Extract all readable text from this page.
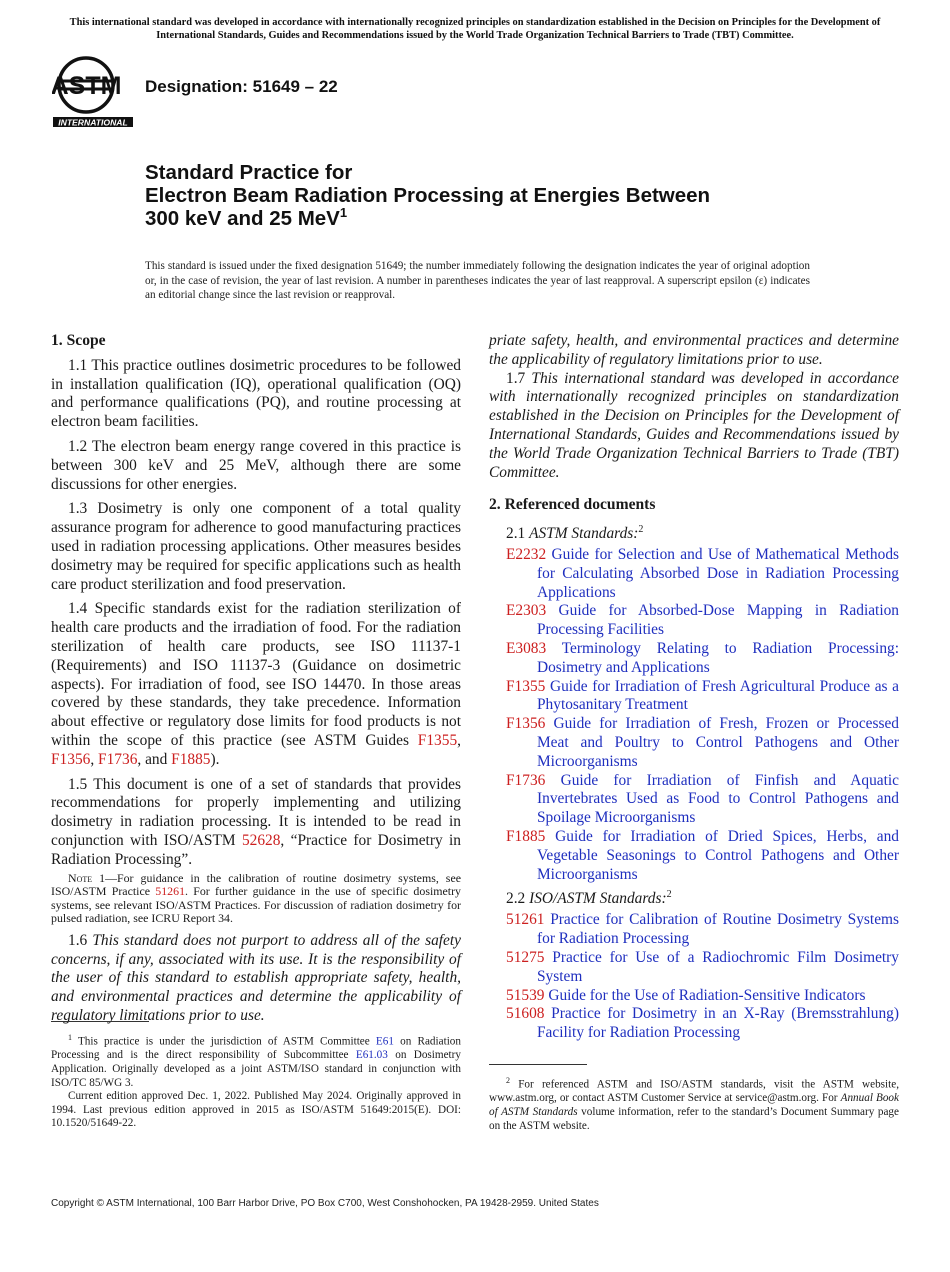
This international standard was developed in accordance with internationally recognized principles on standardization established in the Decision on Principles for the Development of International Standards, Guides and Recommendations issued by the World Trade Organization Technical Barriers to Trade (TBT) Committee.
ASTM
INTERNATIONAL
Designation: 51649 – 22
Standard Practice for
Electron Beam Radiation Processing at Energies Between
300 keV and 25 MeV$^1$
This standard is issued under the fixed designation 51649; the number immediately following the designation indicates the year of original adoption or, in the case of revision, the year of last revision. A number in parentheses indicates the year of last reapproval. A superscript epsilon (ε) indicates an editorial change since the last revision or reapproval.
1. Scope

1.1 This practice outlines dosimetric procedures to be followed in installation qualification (IQ), operational qualification (OQ) and performance qualifications (PQ), and routine processing at electron beam facilities.

1.2 The electron beam energy range covered in this practice is between 300 keV and 25 MeV, although there are some discussions for other energies.

1.3 Dosimetry is only one component of a total quality assurance program for adherence to good manufacturing practices used in radiation processing applications. Other measures besides dosimetry may be required for specific applications such as health care product sterilization and food preservation.

1.4 Specific standards exist for the radiation sterilization of health care products and the irradiation of food. For the radiation sterilization of health care products, see ISO 11137-1 (Requirements) and ISO 11137-3 (Guidance on dosimetric aspects). For irradiation of food, see ISO 14470. In those areas covered by these standards, they take precedence. Information about effective or regulatory dose limits for food products is not within the scope of this practice (see ASTM Guides F1355, F1356, F1736, and F1885).

1.5 This document is one of a set of standards that provides recommendations for properly implementing and utilizing dosimetry in radiation processing. It is intended to be read in conjunction with ISO/ASTM 52628, “Practice for Dosimetry in Radiation Processing”.

Note 1—For guidance in the calibration of routine dosimetry systems, see ISO/ASTM Practice 51261. For further guidance in the use of specific dosimetry systems, see relevant ISO/ASTM Practices. For discussion of radiation dosimetry for pulsed radiation, see ICRU Report 34.

1.6 This standard does not purport to address all of the safety concerns, if any, associated with its use. It is the responsibility of the user of this standard to establish appropriate safety, health, and environmental practices and determine the applicability of regulatory limitations prior to use.

priate safety, health, and environmental practices and determine the applicability of regulatory limitations prior to use.

1.7 This international standard was developed in accordance with internationally recognized principles on standardization established in the Decision on Principles for the Development of International Standards, Guides and Recommendations issued by the World Trade Organization Technical Barriers to Trade (TBT) Committee.

2. Referenced documents
2.1 ASTM Standards:$^2$
E2232 Guide for Selection and Use of Mathematical Methods for Calculating Absorbed Dose in Radiation Processing Applications
E2303 Guide for Absorbed-Dose Mapping in Radiation Processing Facilities
E3083 Terminology Relating to Radiation Processing: Dosimetry and Applications
F1355 Guide for Irradiation of Fresh Agricultural Produce as a Phytosanitary Treatment
F1356 Guide for Irradiation of Fresh, Frozen or Processed Meat and Poultry to Control Pathogens and Other Microorganisms
F1736 Guide for Irradiation of Finfish and Aquatic Invertebrates Used as Food to Control Pathogens and Spoilage Microorganisms
F1885 Guide for Irradiation of Dried Spices, Herbs, and Vegetable Seasonings to Control Pathogens and Other Microorganisms
2.2 ISO/ASTM Standards:$^2$
51261 Practice for Calibration of Routine Dosimetry Systems for Radiation Processing
51275 Practice for Use of a Radiochromic Film Dosimetry System
51539 Guide for the Use of Radiation-Sensitive Indicators
51608 Practice for Dosimetry in an X-Ray (Bremsstrahlung) Facility for Radiation Processing

$^1$ This practice is under the jurisdiction of ASTM Committee E61 on Radiation Processing and is the direct responsibility of Subcommittee E61.03 on Dosimetry Application. Originally developed as a joint ASTM/ISO standard in conjunction with ISO/TC 85/WG 3.

Current edition approved Dec. 1, 2022. Published May 2024. Originally approved in 1994. Last previous edition approved in 2015 as ISO/ASTM 51649:2015(E). DOI: 10.1520/51649-22.

$^2$ For referenced ASTM and ISO/ASTM standards, visit the ASTM website, www.astm.org, or contact ASTM Customer Service at service@astm.org. For Annual Book of ASTM Standards volume information, refer to the standard’s Document Summary page on the ASTM website.

Copyright © ASTM International, 100 Barr Harbor Drive, PO Box C700, West Conshohocken, PA 19428-2959. United States
